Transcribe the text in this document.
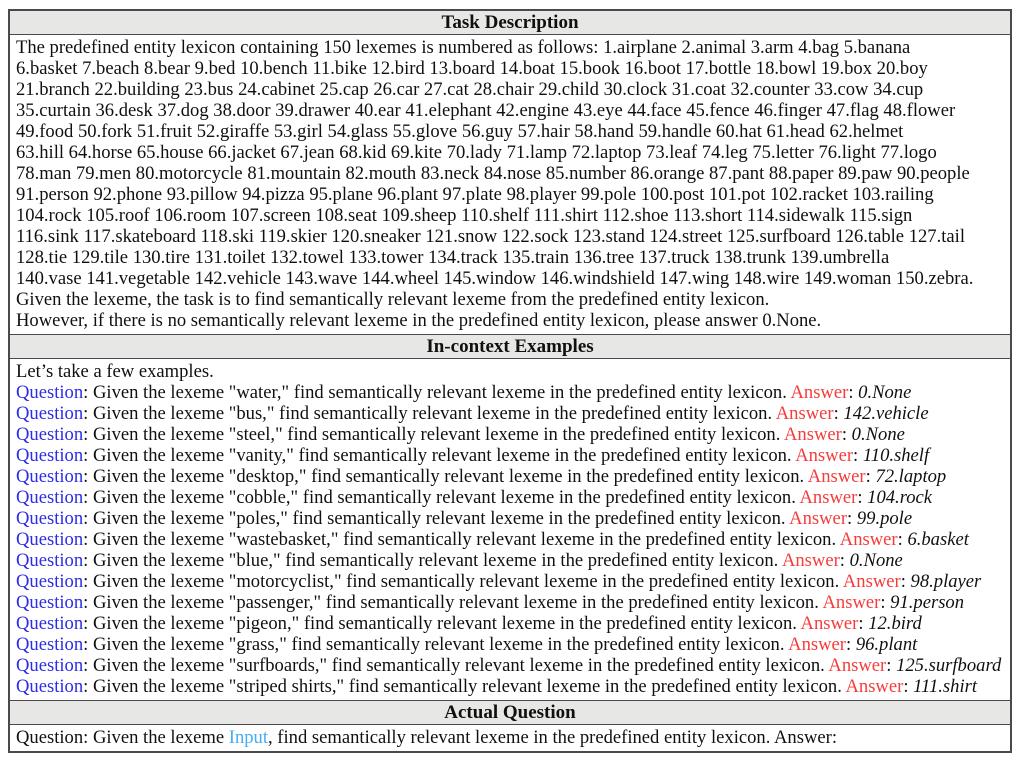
Task Description
The predefined entity lexicon containing 150 lexemes is numbered as follows: 1.airplane 2.animal 3.arm 4.bag 5.banana
6.basket 7.beach 8.bear 9.bed 10.bench 11.bike 12.bird 13.board 14.boat 15.book 16.boot 17.bottle 18.bowl 19.box 20.boy
21.branch 22.building 23.bus 24.cabinet 25.cap 26.car 27.cat 28.chair 29.child 30.clock 31.coat 32.counter 33.cow 34.cup
35.curtain 36.desk 37.dog 38.door 39.drawer 40.ear 41.elephant 42.engine 43.eye 44.face 45.fence 46.finger 47.flag 48.flower
49.food 50.fork 51.fruit 52.giraffe 53.girl 54.glass 55.glove 56.guy 57.hair 58.hand 59.handle 60.hat 61.head 62.helmet
63.hill 64.horse 65.house 66.jacket 67.jean 68.kid 69.kite 70.lady 71.lamp 72.laptop 73.leaf 74.leg 75.letter 76.light 77.logo
78.man 79.men 80.motorcycle 81.mountain 82.mouth 83.neck 84.nose 85.number 86.orange 87.pant 88.paper 89.paw 90.people
91.person 92.phone 93.pillow 94.pizza 95.plane 96.plant 97.plate 98.player 99.pole 100.post 101.pot 102.racket 103.railing
104.rock 105.roof 106.room 107.screen 108.seat 109.sheep 110.shelf 111.shirt 112.shoe 113.short 114.sidewalk 115.sign
116.sink 117.skateboard 118.ski 119.skier 120.sneaker 121.snow 122.sock 123.stand 124.street 125.surfboard 126.table 127.tail
128.tie 129.tile 130.tire 131.toilet 132.towel 133.tower 134.track 135.train 136.tree 137.truck 138.trunk 139.umbrella
140.vase 141.vegetable 142.vehicle 143.wave 144.wheel 145.window 146.windshield 147.wing 148.wire 149.woman 150.zebra.
Given the lexeme, the task is to find semantically relevant lexeme from the predefined entity lexicon.
However, if there is no semantically relevant lexeme in the predefined entity lexicon, please answer 0.None.
In-context Examples
Let’s take a few examples.
Question: Given the lexeme "water," find semantically relevant lexeme in the predefined entity lexicon. Answer: 0.None
Question: Given the lexeme "bus," find semantically relevant lexeme in the predefined entity lexicon. Answer: 142.vehicle
Question: Given the lexeme "steel," find semantically relevant lexeme in the predefined entity lexicon. Answer: 0.None
Question: Given the lexeme "vanity," find semantically relevant lexeme in the predefined entity lexicon. Answer: 110.shelf
Question: Given the lexeme "desktop," find semantically relevant lexeme in the predefined entity lexicon. Answer: 72.laptop
Question: Given the lexeme "cobble," find semantically relevant lexeme in the predefined entity lexicon. Answer: 104.rock
Question: Given the lexeme "poles," find semantically relevant lexeme in the predefined entity lexicon. Answer: 99.pole
Question: Given the lexeme "wastebasket," find semantically relevant lexeme in the predefined entity lexicon. Answer: 6.basket
Question: Given the lexeme "blue," find semantically relevant lexeme in the predefined entity lexicon. Answer: 0.None
Question: Given the lexeme "motorcyclist," find semantically relevant lexeme in the predefined entity lexicon. Answer: 98.player
Question: Given the lexeme "passenger," find semantically relevant lexeme in the predefined entity lexicon. Answer: 91.person
Question: Given the lexeme "pigeon," find semantically relevant lexeme in the predefined entity lexicon. Answer: 12.bird
Question: Given the lexeme "grass," find semantically relevant lexeme in the predefined entity lexicon. Answer: 96.plant
Question: Given the lexeme "surfboards," find semantically relevant lexeme in the predefined entity lexicon. Answer: 125.surfboard
Question: Given the lexeme "striped shirts," find semantically relevant lexeme in the predefined entity lexicon. Answer: 111.shirt
Actual Question
Question: Given the lexeme Input, find semantically relevant lexeme in the predefined entity lexicon. Answer:
